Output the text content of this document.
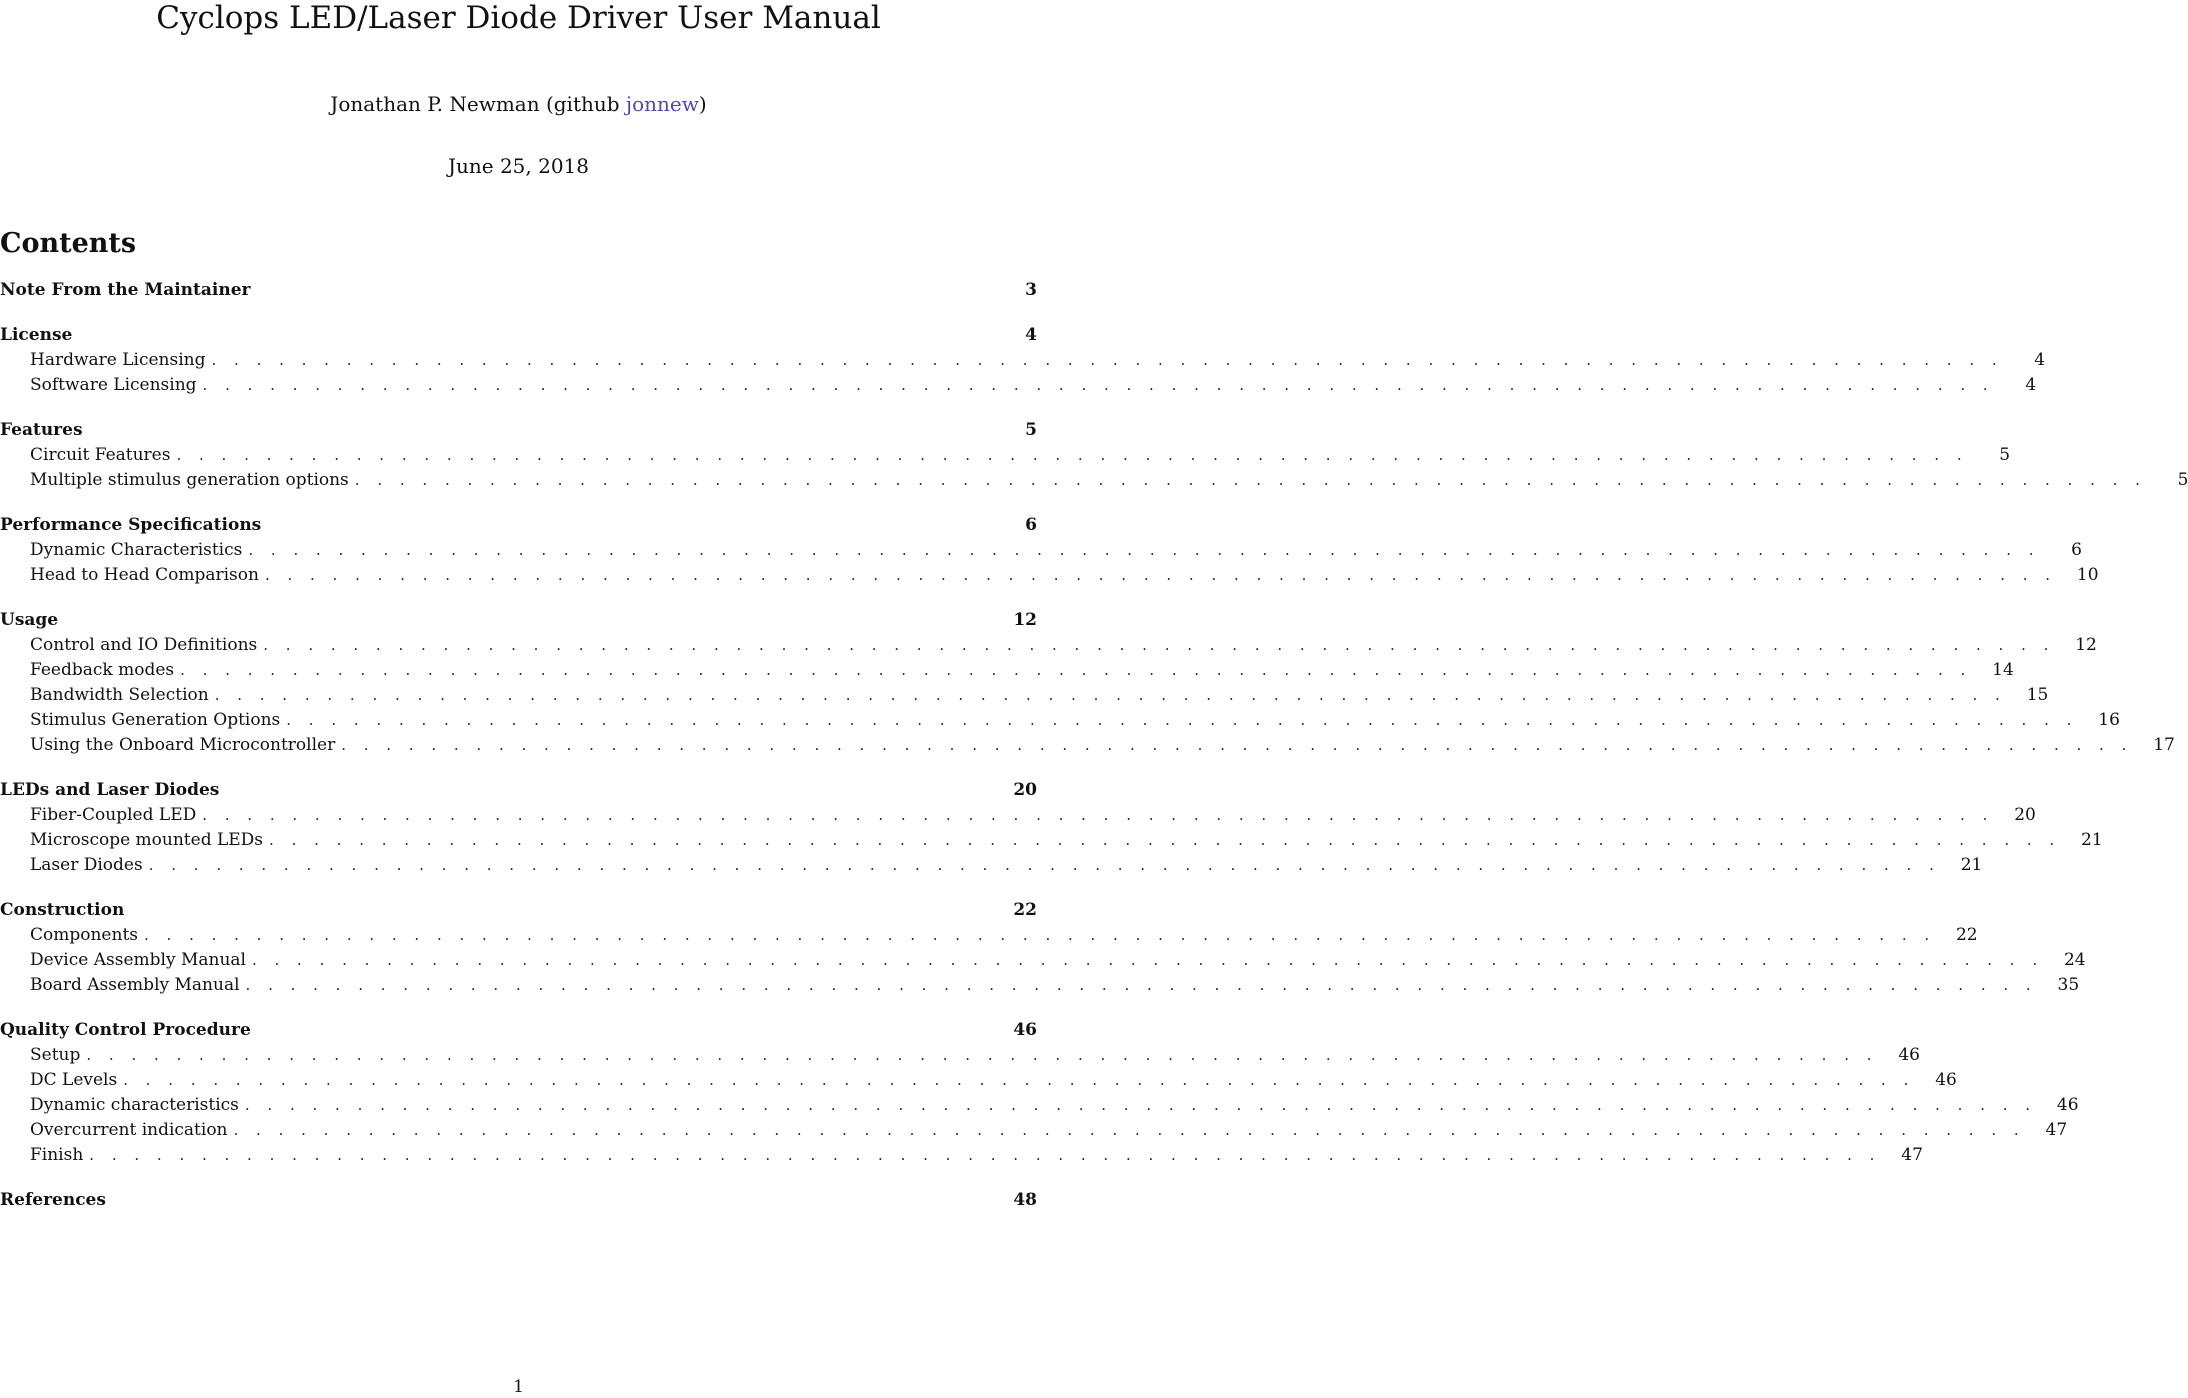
Cyclops LED/Laser Diode Driver User Manual
Jonathan P. Newman (github jonnew)
June 25, 2018
Contents
Note From the Maintainer	3
License	4
Hardware Licensing . . . . . . . . . . . . . . . . . . . . . . . . . . . . . . . . . . . . . . . . . . . . . . . . . . . . . . . . . . . . . . . . . . . . . . . . . . . . . . . .	4
Software Licensing . . . . . . . . . . . . . . . . . . . . . . . . . . . . . . . . . . . . . . . . . . . . . . . . . . . . . . . . . . . . . . . . . . . . . . . . . . . . . . . .	4
Features	5
Circuit Features . . . . . . . . . . . . . . . . . . . . . . . . . . . . . . . . . . . . . . . . . . . . . . . . . . . . . . . . . . . . . . . . . . . . . . . . . . . . . . . .	5
Multiple stimulus generation options . . . . . . . . . . . . . . . . . . . . . . . . . . . . . . . . . . . . . . . . . . . . . . . . . . . . . . . . . . . . . . . . . . . . . . . . . . . . . . . .	5
Performance Specifications	6
Dynamic Characteristics . . . . . . . . . . . . . . . . . . . . . . . . . . . . . . . . . . . . . . . . . . . . . . . . . . . . . . . . . . . . . . . . . . . . . . . . . . . . . . . .	6
Head to Head Comparison . . . . . . . . . . . . . . . . . . . . . . . . . . . . . . . . . . . . . . . . . . . . . . . . . . . . . . . . . . . . . . . . . . . . . . . . . . . . . . . .	10
Usage	12
Control and IO Definitions . . . . . . . . . . . . . . . . . . . . . . . . . . . . . . . . . . . . . . . . . . . . . . . . . . . . . . . . . . . . . . . . . . . . . . . . . . . . . . . .	12
Feedback modes . . . . . . . . . . . . . . . . . . . . . . . . . . . . . . . . . . . . . . . . . . . . . . . . . . . . . . . . . . . . . . . . . . . . . . . . . . . . . . . .	14
Bandwidth Selection . . . . . . . . . . . . . . . . . . . . . . . . . . . . . . . . . . . . . . . . . . . . . . . . . . . . . . . . . . . . . . . . . . . . . . . . . . . . . . . .	15
Stimulus Generation Options . . . . . . . . . . . . . . . . . . . . . . . . . . . . . . . . . . . . . . . . . . . . . . . . . . . . . . . . . . . . . . . . . . . . . . . . . . . . . . . .	16
Using the Onboard Microcontroller . . . . . . . . . . . . . . . . . . . . . . . . . . . . . . . . . . . . . . . . . . . . . . . . . . . . . . . . . . . . . . . . . . . . . . . . . . . . . . . .	17
LEDs and Laser Diodes	20
Fiber-Coupled LED . . . . . . . . . . . . . . . . . . . . . . . . . . . . . . . . . . . . . . . . . . . . . . . . . . . . . . . . . . . . . . . . . . . . . . . . . . . . . . . .	20
Microscope mounted LEDs . . . . . . . . . . . . . . . . . . . . . . . . . . . . . . . . . . . . . . . . . . . . . . . . . . . . . . . . . . . . . . . . . . . . . . . . . . . . . . . .	21
Laser Diodes . . . . . . . . . . . . . . . . . . . . . . . . . . . . . . . . . . . . . . . . . . . . . . . . . . . . . . . . . . . . . . . . . . . . . . . . . . . . . . . .	21
Construction	22
Components . . . . . . . . . . . . . . . . . . . . . . . . . . . . . . . . . . . . . . . . . . . . . . . . . . . . . . . . . . . . . . . . . . . . . . . . . . . . . . . .	22
Device Assembly Manual . . . . . . . . . . . . . . . . . . . . . . . . . . . . . . . . . . . . . . . . . . . . . . . . . . . . . . . . . . . . . . . . . . . . . . . . . . . . . . . .	24
Board Assembly Manual . . . . . . . . . . . . . . . . . . . . . . . . . . . . . . . . . . . . . . . . . . . . . . . . . . . . . . . . . . . . . . . . . . . . . . . . . . . . . . . .	35
Quality Control Procedure	46
Setup . . . . . . . . . . . . . . . . . . . . . . . . . . . . . . . . . . . . . . . . . . . . . . . . . . . . . . . . . . . . . . . . . . . . . . . . . . . . . . . .	46
DC Levels . . . . . . . . . . . . . . . . . . . . . . . . . . . . . . . . . . . . . . . . . . . . . . . . . . . . . . . . . . . . . . . . . . . . . . . . . . . . . . . .	46
Dynamic characteristics . . . . . . . . . . . . . . . . . . . . . . . . . . . . . . . . . . . . . . . . . . . . . . . . . . . . . . . . . . . . . . . . . . . . . . . . . . . . . . . .	46
Overcurrent indication . . . . . . . . . . . . . . . . . . . . . . . . . . . . . . . . . . . . . . . . . . . . . . . . . . . . . . . . . . . . . . . . . . . . . . . . . . . . . . . .	47
Finish . . . . . . . . . . . . . . . . . . . . . . . . . . . . . . . . . . . . . . . . . . . . . . . . . . . . . . . . . . . . . . . . . . . . . . . . . . . . . . . .	47
References	48
1
